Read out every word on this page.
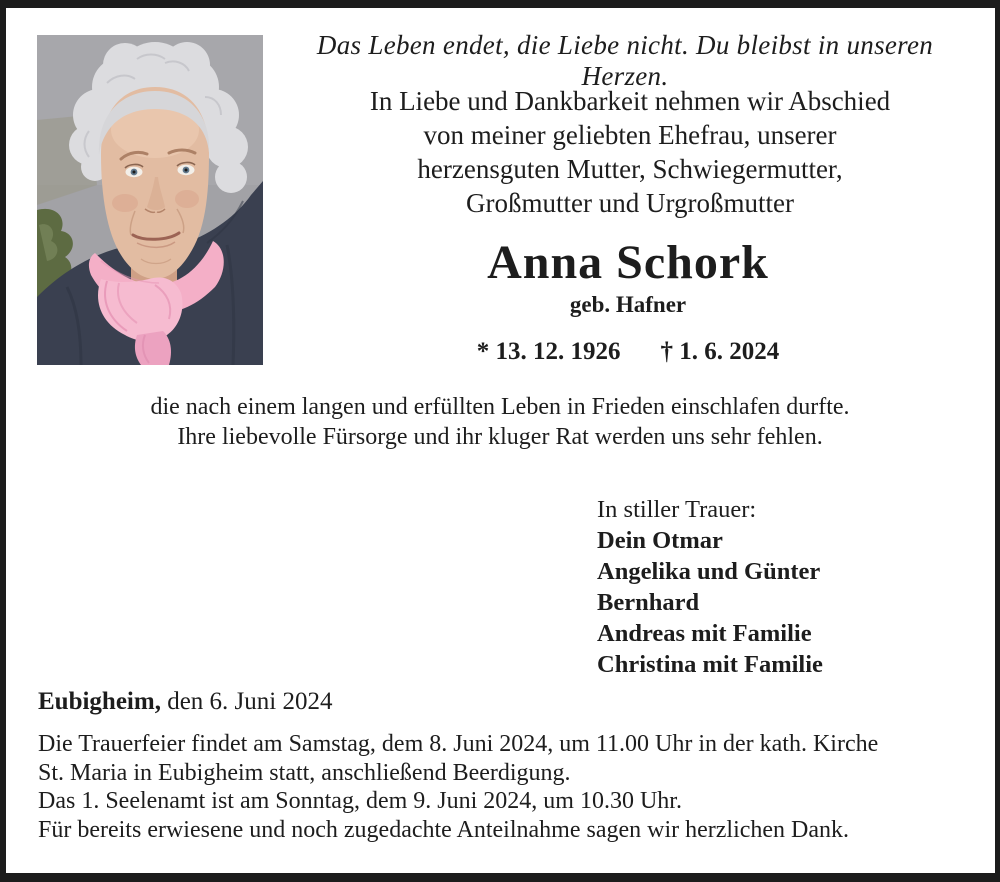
Das Leben endet, die Liebe nicht. Du bleibst in unseren Herzen.
In Liebe und Dankbarkeit nehmen wir Abschied
von meiner geliebten Ehefrau, unserer
herzensguten Mutter, Schwiegermutter,
Großmutter und Urgroßmutter
Anna Schork
geb. Hafner
* 13. 12. 1926 † 1. 6. 2024
die nach einem langen und erfüllten Leben in Frieden einschlafen durfte.
Ihre liebevolle Fürsorge und ihr kluger Rat werden uns sehr fehlen.
In stiller Trauer:
Dein Otmar
Angelika und Günter
Bernhard
Andreas mit Familie
Christina mit Familie
Eubigheim, den 6. Juni 2024
Die Trauerfeier findet am Samstag, dem 8. Juni 2024, um 11.00 Uhr in der kath. Kirche
St. Maria in Eubigheim statt, anschließend Beerdigung.
Das 1. Seelenamt ist am Sonntag, dem 9. Juni 2024, um 10.30 Uhr.
Für bereits erwiesene und noch zugedachte Anteilnahme sagen wir herzlichen Dank.
